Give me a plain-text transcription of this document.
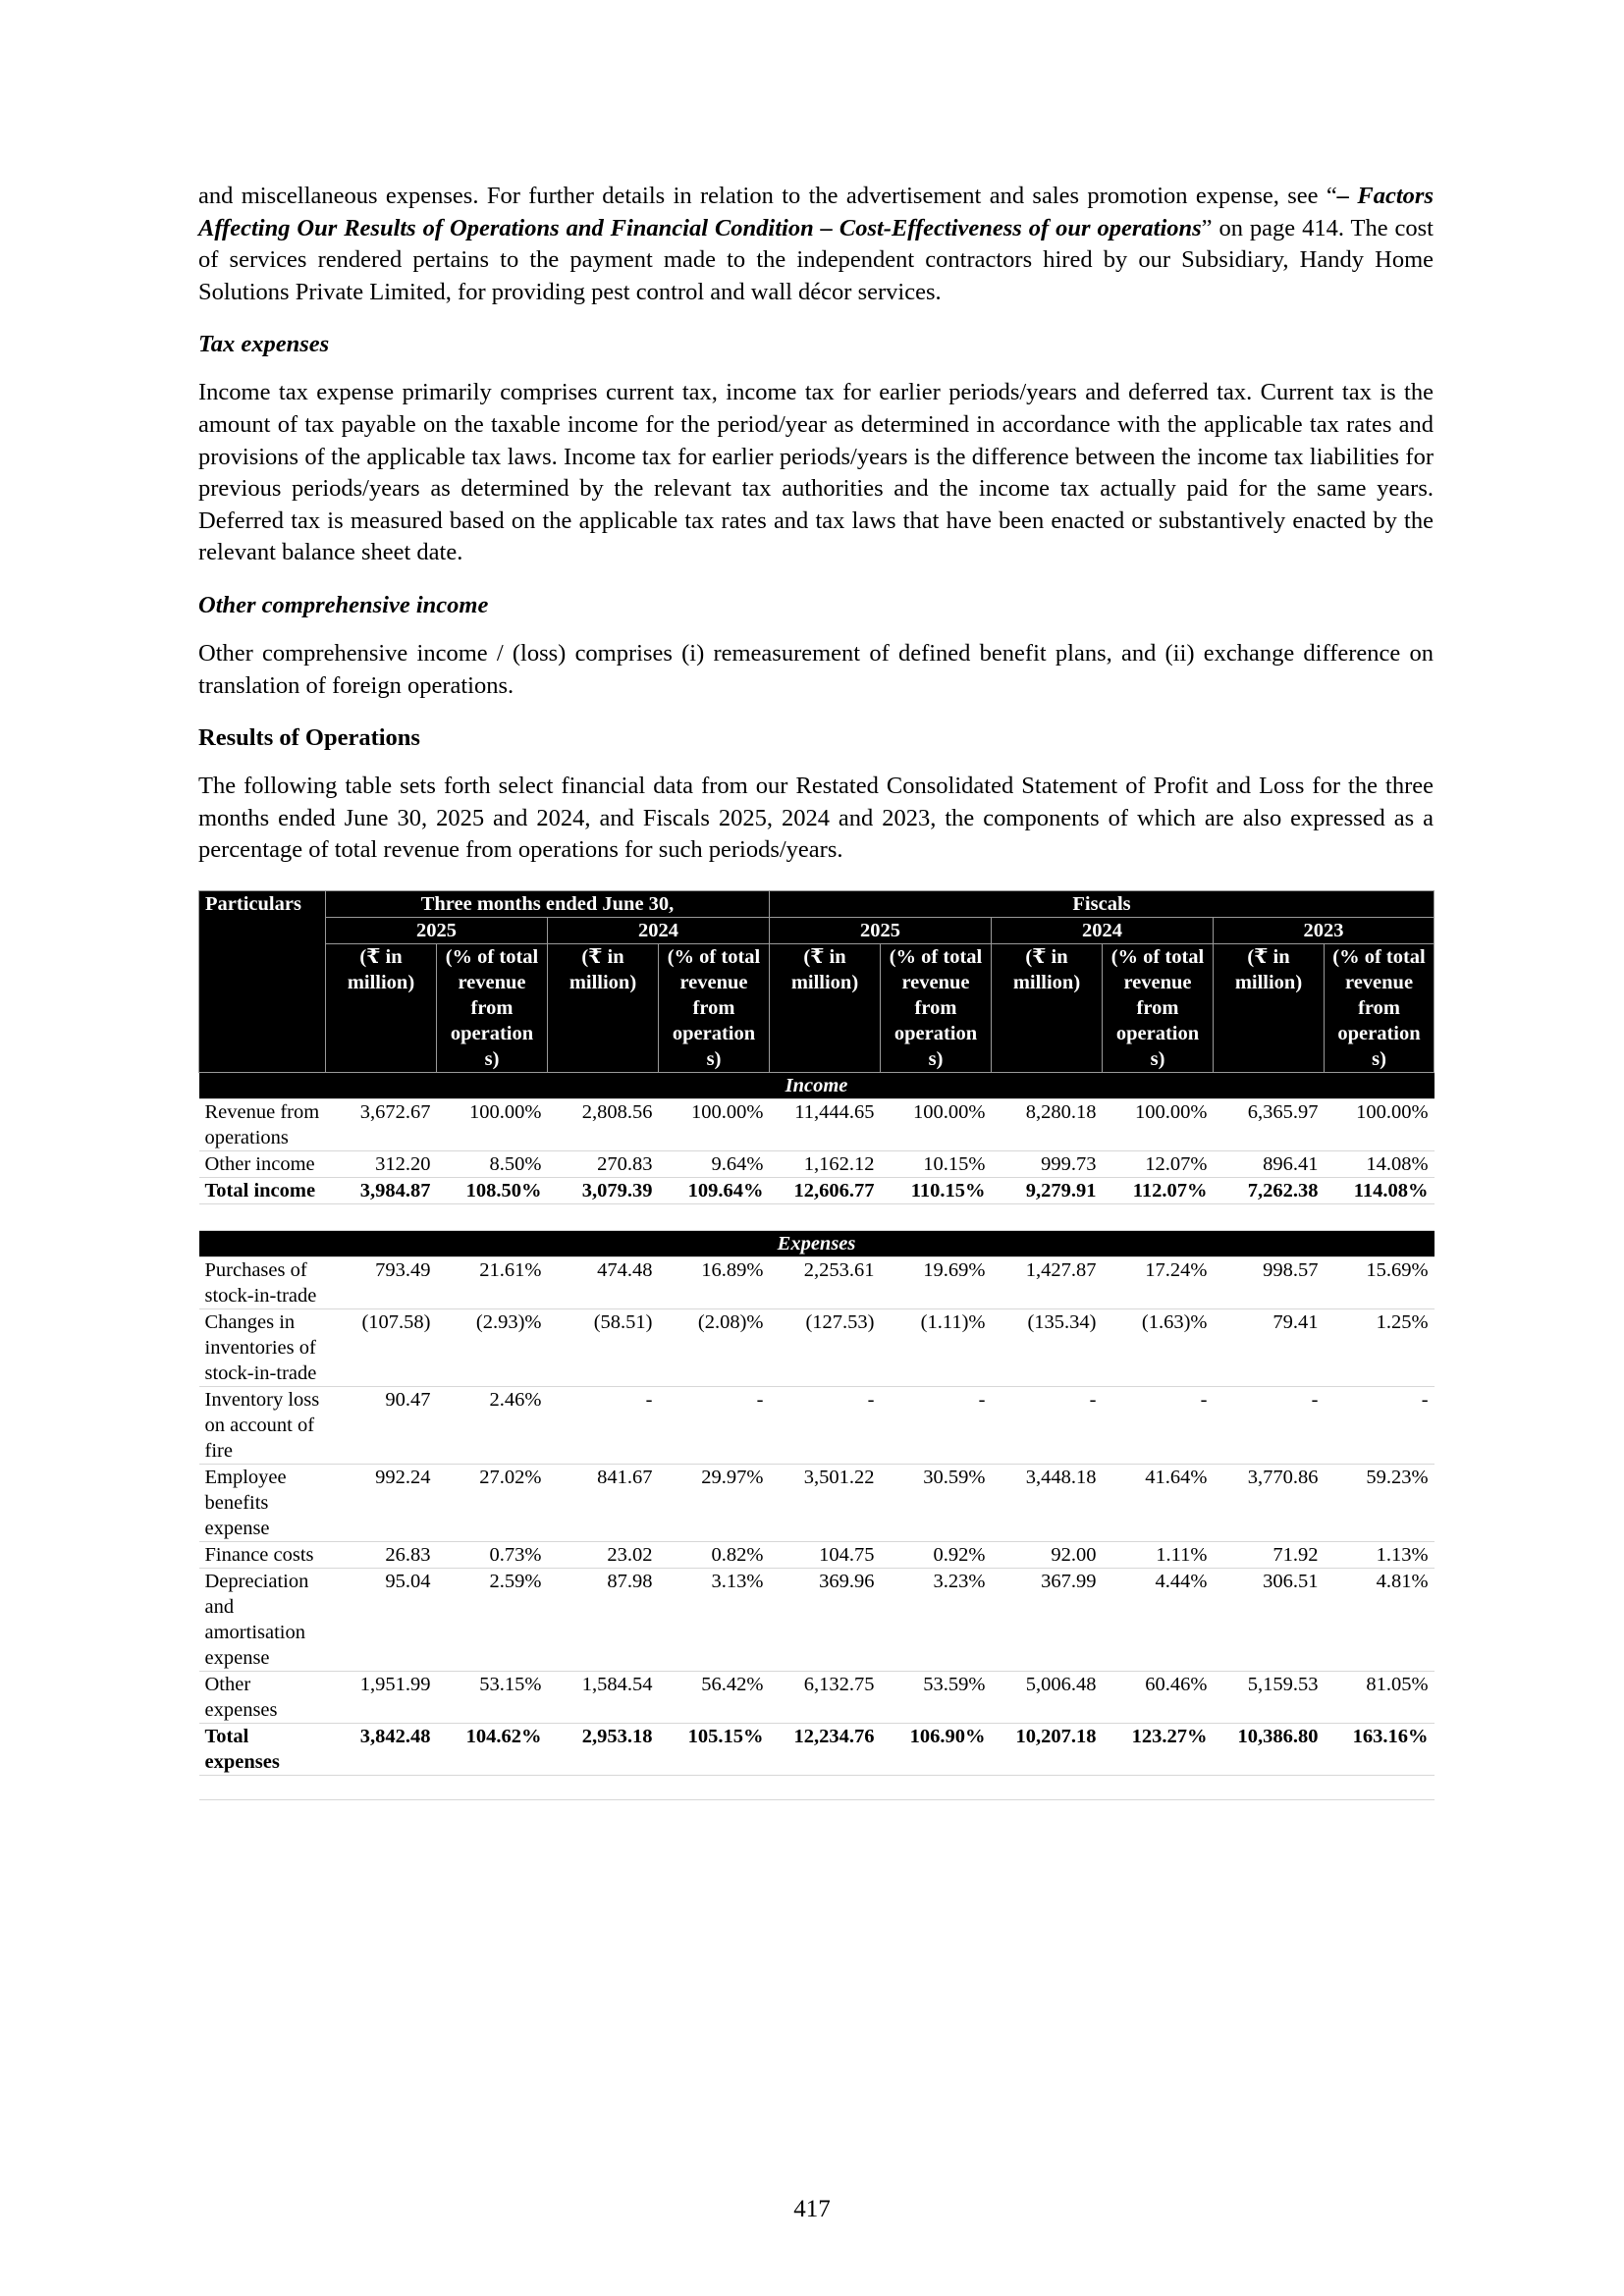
and miscellaneous expenses. For further details in relation to the advertisement and sales promotion expense, see “– Factors Affecting Our Results of Operations and Financial Condition – Cost-Effectiveness of our operations” on page 414. The cost of services rendered pertains to the payment made to the independent contractors hired by our Subsidiary, Handy Home Solutions Private Limited, for providing pest control and wall décor services.

Tax expenses

Income tax expense primarily comprises current tax, income tax for earlier periods/years and deferred tax. Current tax is the amount of tax payable on the taxable income for the period/year as determined in accordance with the applicable tax rates and provisions of the applicable tax laws. Income tax for earlier periods/years is the difference between the income tax liabilities for previous periods/years as determined by the relevant tax authorities and the income tax actually paid for the same years. Deferred tax is measured based on the applicable tax rates and tax laws that have been enacted or substantively enacted by the relevant balance sheet date.

Other comprehensive income

Other comprehensive income / (loss) comprises (i) remeasurement of defined benefit plans, and (ii) exchange difference on translation of foreign operations.

Results of Operations

The following table sets forth select financial data from our Restated Consolidated Statement of Profit and Loss for the three months ended June 30, 2025 and 2024, and Fiscals 2025, 2024 and 2023, the components of which are also expressed as a percentage of total revenue from operations for such periods/years.

Particulars	Three months ended June 30,				Fiscals					
	2025		2024		2025		2024		2023	
	(₹ in million)	(% of total revenue from operation s)	(₹ in million)	(% of total revenue from operation s)	(₹ in million)	(% of total revenue from operation s)	(₹ in million)	(% of total revenue from operation s)	(₹ in million)	(% of total revenue from operation s)
Income										
Revenue from operations	3,672.67	100.00%	2,808.56	100.00%	11,444.65	100.00%	8,280.18	100.00%	6,365.97	100.00%
Other income	312.20	8.50%	270.83	9.64%	1,162.12	10.15%	999.73	12.07%	896.41	14.08%
Total income	3,984.87	108.50%	3,079.39	109.64%	12,606.77	110.15%	9,279.91	112.07%	7,262.38	114.08%

Expenses										
Purchases of stock-in-trade	793.49	21.61%	474.48	16.89%	2,253.61	19.69%	1,427.87	17.24%	998.57	15.69%
Changes in inventories of stock-in-trade	(107.58)	(2.93)%	(58.51)	(2.08)%	(127.53)	(1.11)%	(135.34)	(1.63)%	79.41	1.25%
Inventory loss on account of fire	90.47	2.46%	-	-	-	-	-	-	-	-
Employee benefits expense	992.24	27.02%	841.67	29.97%	3,501.22	30.59%	3,448.18	41.64%	3,770.86	59.23%
Finance costs	26.83	0.73%	23.02	0.82%	104.75	0.92%	92.00	1.11%	71.92	1.13%
Depreciation and amortisation expense	95.04	2.59%	87.98	3.13%	369.96	3.23%	367.99	4.44%	306.51	4.81%
Other expenses	1,951.99	53.15%	1,584.54	56.42%	6,132.75	53.59%	5,006.48	60.46%	5,159.53	81.05%
Total expenses	3,842.48	104.62%	2,953.18	105.15%	12,234.76	106.90%	10,207.18	123.27%	10,386.80	163.16%

417
